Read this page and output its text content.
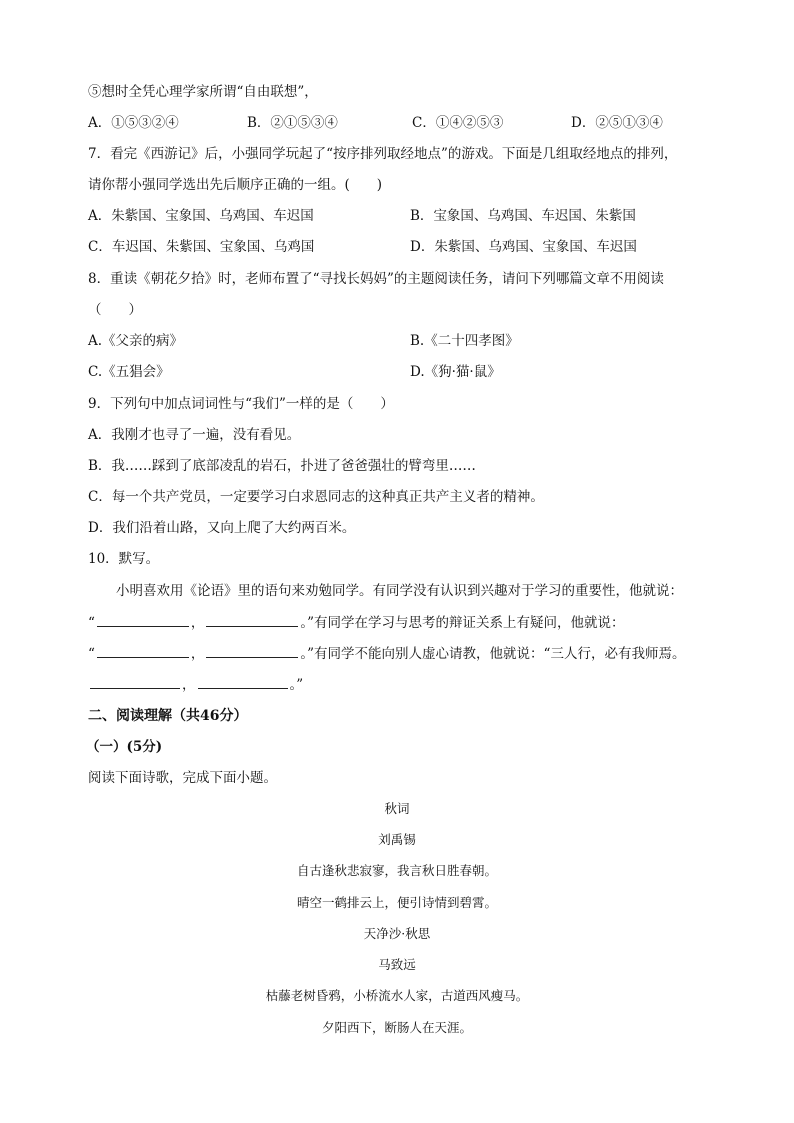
⑤想时全凭心理学家所谓“自由联想”，
A．①⑤③②④	B．②①⑤③④	C．①④②⑤③	D．②⑤①③④
7．看完《西游记》后，小强同学玩起了“按序排列取经地点”的游戏。下面是几组取经地点的排列，
请你帮小强同学选出先后顺序正确的一组。(　　)
A．朱紫国、宝象国、乌鸡国、车迟国	B．宝象国、乌鸡国、车迟国、朱紫国
C．车迟国、朱紫国、宝象国、乌鸡国	D．朱紫国、乌鸡国、宝象国、车迟国
8．重读《朝花夕拾》时，老师布置了“寻找长妈妈”的主题阅读任务，请问下列哪篇文章不用阅读
（　　）
A.《父亲的病》	B.《二十四孝图》
C.《五猖会》	D.《狗·猫·鼠》
9．下列句中加点词词性与“我们”一样的是（　　）
A．我刚才也寻了一遍，没有看见。
B．我……踩到了底部凌乱的岩石，扑进了爸爸强壮的臂弯里……
C．每一个共产党员，一定要学习白求恩同志的这种真正共产主义者的精神。
D．我们沿着山路，又向上爬了大约两百米。
10．默写。
小明喜欢用《论语》里的语句来劝勉同学。有同学没有认识到兴趣对于学习的重要性，他就说：
“	，	。”有同学在学习与思考的辩证关系上有疑问，他就说：
“	，	。”有同学不能向别人虚心请教，他就说：“三人行，必有我师焉。
，	。”
二、阅读理解（共46分）
（一）(5分)
阅读下面诗歌，完成下面小题。
秋词
刘禹锡
自古逢秋悲寂寥，我言秋日胜春朝。
晴空一鹤排云上，便引诗情到碧霄。
天净沙·秋思
马致远
枯藤老树昏鸦，小桥流水人家，古道西风瘦马。
夕阳西下，断肠人在天涯。
